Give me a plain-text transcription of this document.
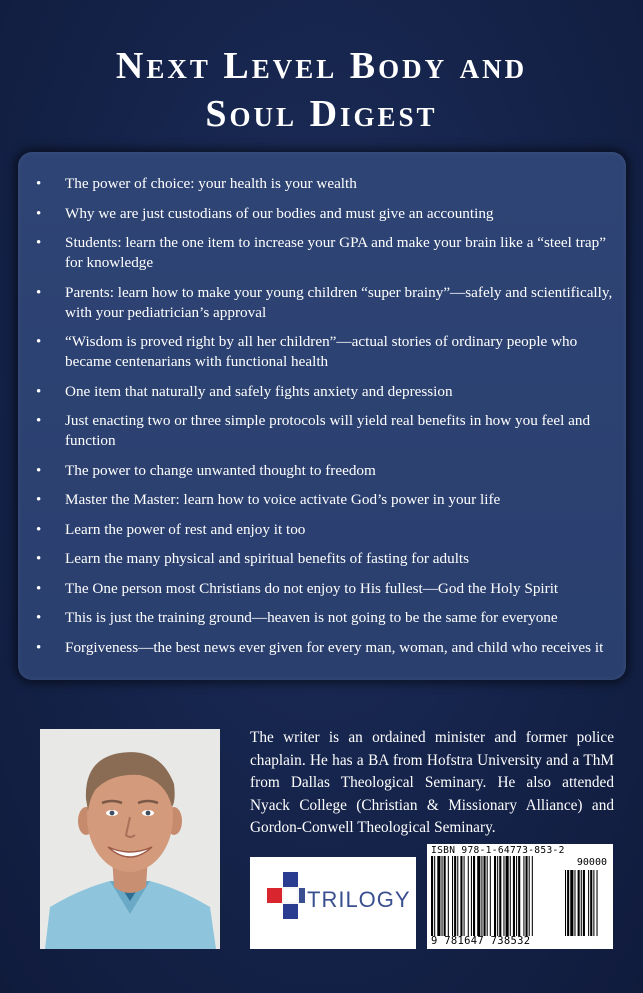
Next Level Body and
Soul Digest
• The power of choice: your health is your wealth
• Why we are just custodians of our bodies and must give an accounting
• Students: learn the one item to increase your GPA and make your brain like a “steel trap” for knowledge
• Parents: learn how to make your young children “super brainy”—safely and scientifically, with your pediatrician’s approval
• “Wisdom is proved right by all her children”—actual stories of ordinary people who became centenarians with functional health
• One item that naturally and safely fights anxiety and depression
• Just enacting two or three simple protocols will yield real benefits in how you feel and function
• The power to change unwanted thought to freedom
• Master the Master: learn how to voice activate God’s power in your life
• Learn the power of rest and enjoy it too
• Learn the many physical and spiritual benefits of fasting for adults
• The One person most Christians do not enjoy to His fullest—God the Holy Spirit
• This is just the training ground—heaven is not going to be the same for everyone
• Forgiveness—the best news ever given for every man, woman, and child who receives it
The writer is an ordained minister and former police chaplain. He has a BA from Hofstra University and a ThM from Dallas Theological Seminary. He also attended Nyack College (Christian & Missionary Alliance) and Gordon-Conwell Theological Seminary.
TRILOGY
ISBN 978-1-64773-853-2
90000
9 781647 738532
